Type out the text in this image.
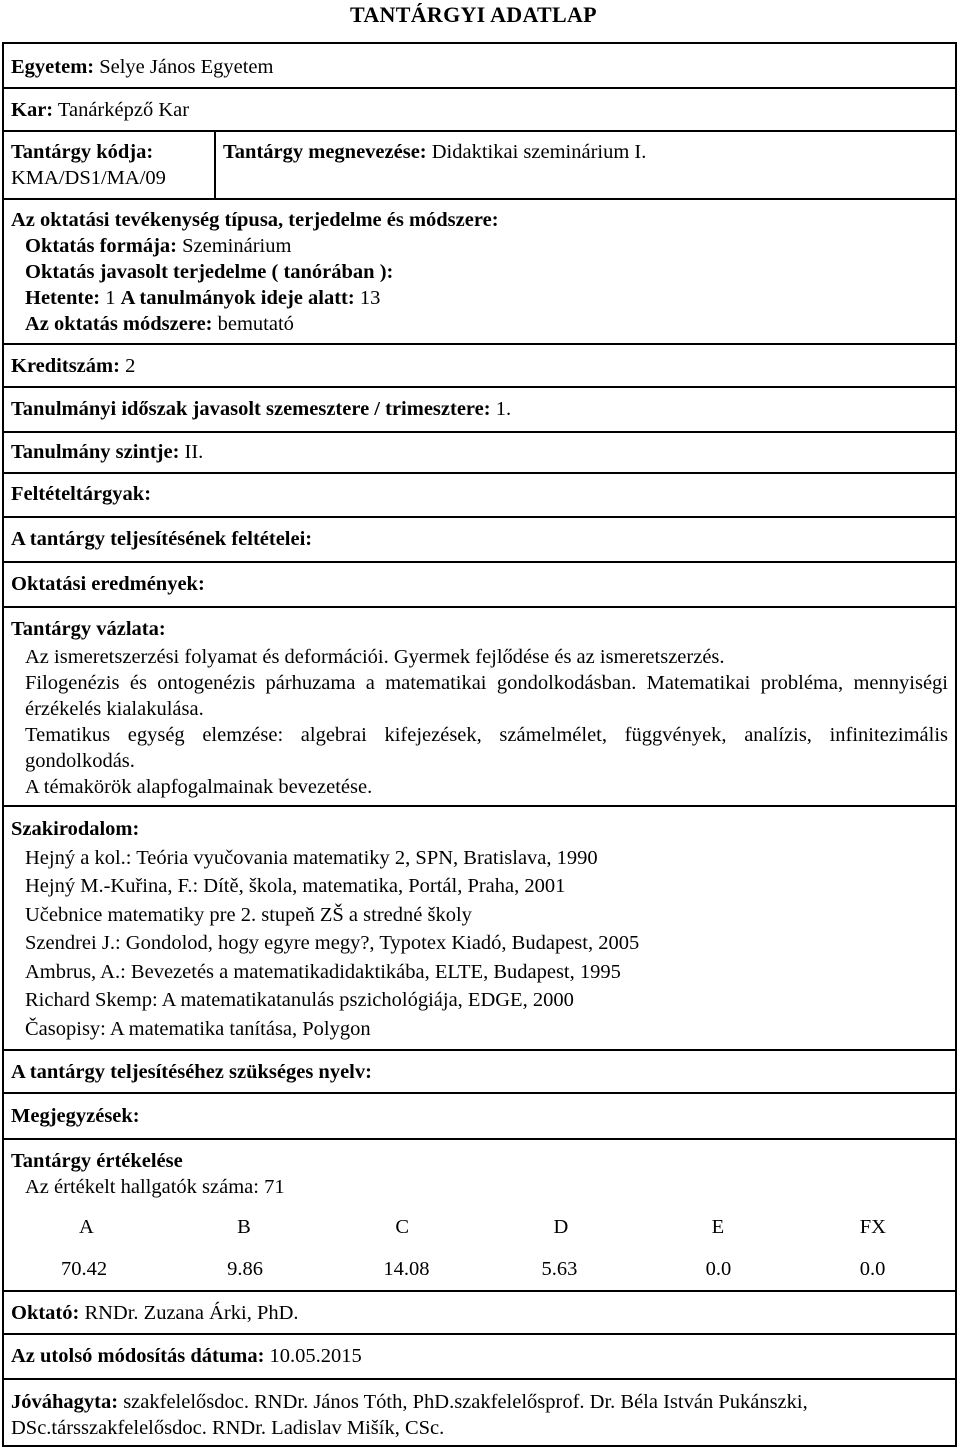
TANTÁRGYI ADATLAP
Egyetem: Selye János Egyetem
Kar: Tanárképző Kar
Tantárgy kódja:
KMA/DS1/MA/09	Tantárgy megnevezése: Didaktikai szeminárium I.
Az oktatási tevékenység típusa, terjedelme és módszere:

Oktatás formája: Szeminárium
Oktatás javasolt terjedelme ( tanórában ):
Hetente: 1 A tanulmányok ideje alatt: 13
Az oktatás módszere: bemutató

Kreditszám: 2
Tanulmányi időszak javasolt szemesztere / trimesztere: 1.
Tanulmány szintje: II.
Feltételtárgyak:
A tantárgy teljesítésének feltételei:
Oktatási eredmények:
Tantárgy vázlata:
Az ismeretszerzési folyamat és deformációi. Gyermek fejlődése és az ismeretszerzés.
Filogenézis és ontogenézis párhuzama a matematikai gondolkodásban. Matematikai probléma, mennyiségi érzékelés kialakulása.
Tematikus egység elemzése: algebrai kifejezések, számelmélet, függvények, analízis, infinitezimális gondolkodás.
A témakörök alapfogalmainak bevezetése.

Szakirodalom:
Hejný a kol.: Teória vyučovania matematiky 2, SPN, Bratislava, 1990
Hejný M.-Kuřina, F.: Dítě, škola, matematika, Portál, Praha, 2001
Učebnice matematiky pre 2. stupeň ZŠ a stredné školy
Szendrei J.: Gondolod, hogy egyre megy?, Typotex Kiadó, Budapest, 2005
Ambrus, A.: Bevezetés a matematikadidaktikába, ELTE, Budapest, 1995
Richard Skemp: A matematikatanulás pszichológiája, EDGE, 2000
Časopisy: A matematika tanítása, Polygon

A tantárgy teljesítéséhez szükséges nyelv:
Megjegyzések:
Tantárgy értékelése
Az értékelt hallgatók száma: 71
A	B	C	D	E	FX
70.42	9.86	14.08	5.63	0.0	0.0

Oktató: RNDr. Zuzana Árki, PhD.
Az utolsó módosítás dátuma: 10.05.2015
Jóváhagyta: szakfelelősdoc. RNDr. János Tóth, PhD.szakfelelősprof. Dr. Béla István Pukánszki, DSc.társszakfelelősdoc. RNDr. Ladislav Mišík, CSc.
